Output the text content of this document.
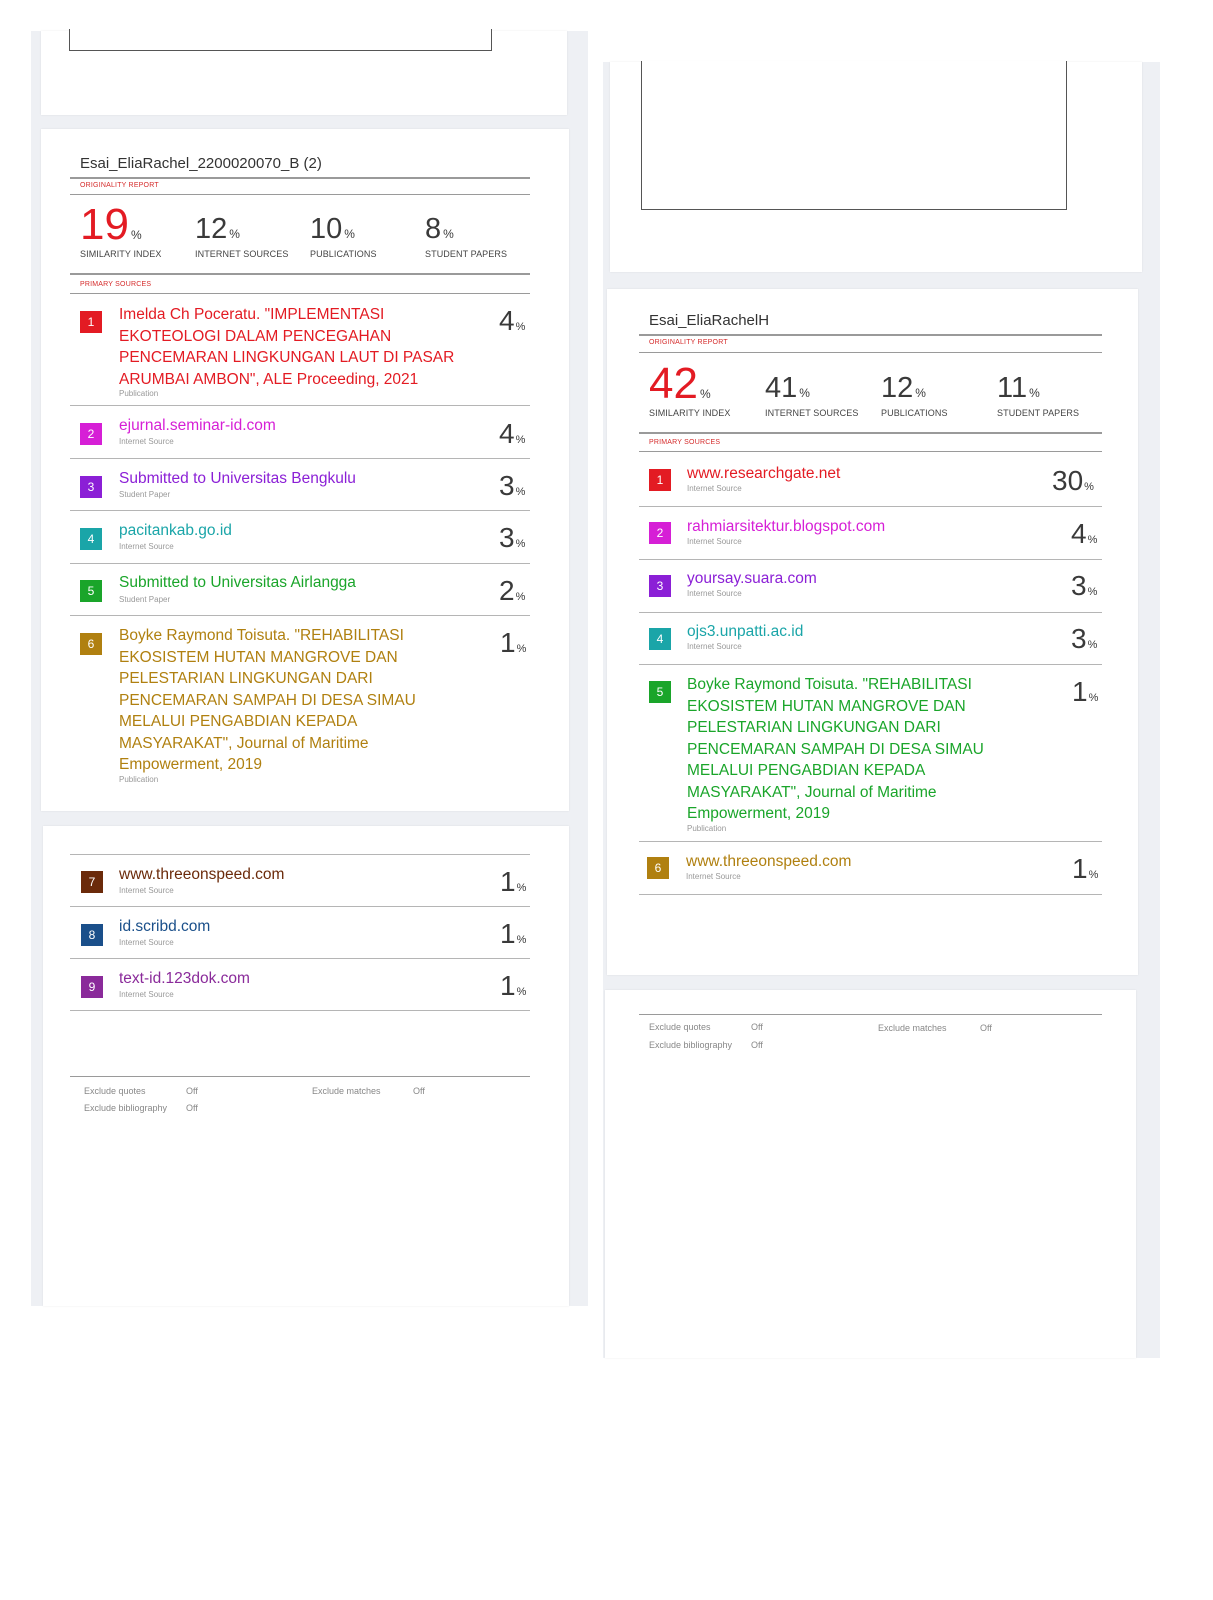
Esai_EliaRachel_2200020070_B (2)
ORIGINALITY REPORT
19 % 12 % 10 % 8 %
SIMILARITY INDEX	INTERNET SOURCES PUBLICATIONS	STUDENT PAPERS
PRIMARY SOURCES
1	Imelda Ch Poceratu. "IMPLEMENTASI EKOTEOLOGI DALAM PENCEGAHAN PENCEMARAN LINGKUNGAN LAUT DI PASAR ARUMBAI AMBON", ALE Proceeding, 2021
Publication
4%
2	ejurnal.seminar-id.com
Internet Source	4%
3	Submitted to Universitas Bengkulu
Student Paper	3%
4	pacitankab.go.id
Internet Source	3%
5	Submitted to Universitas Airlangga
Student Paper	2%
6	Boyke Raymond Toisuta. "REHABILITASI EKOSISTEM HUTAN MANGROVE DAN PELESTARIAN LINGKUNGAN DARI PENCEMARAN SAMPAH DI DESA SIMAU MELALUI PENGABDIAN KEPADA MASYARAKAT", Journal of Maritime Empowerment, 2019
Publication
1%
7	www.threeonspeed.com
Internet Source	1%
8	id.scribd.com
Internet Source	1%
9	text-id.123dok.com
Internet Source	1%
Exclude quotes	Off
Exclude bibliography Off
Exclude matches	Off
Esai_EliaRachelH
ORIGINALITY REPORT
42 % 41 % 12 % 11 %
SIMILARITY INDEX	INTERNET SOURCES	PUBLICATIONS	STUDENT PAPERS
PRIMARY SOURCES
1	www.researchgate.net
Internet Source	30%
2	rahmiarsitektur.blogspot.com
Internet Source	4%
3	yoursay.suara.com
Internet Source	3%
4	ojs3.unpatti.ac.id
Internet Source	3%
5	Boyke Raymond Toisuta. "REHABILITASI EKOSISTEM HUTAN MANGROVE DAN PELESTARIAN LINGKUNGAN DARI PENCEMARAN SAMPAH DI DESA SIMAU MELALUI PENGABDIAN KEPADA MASYARAKAT", Journal of Maritime Empowerment, 2019
Publication
1%
6	www.threeonspeed.com
Internet Source	1%
Exclude quotes	Off
Exclude bibliography Off
Exclude matches	Off
